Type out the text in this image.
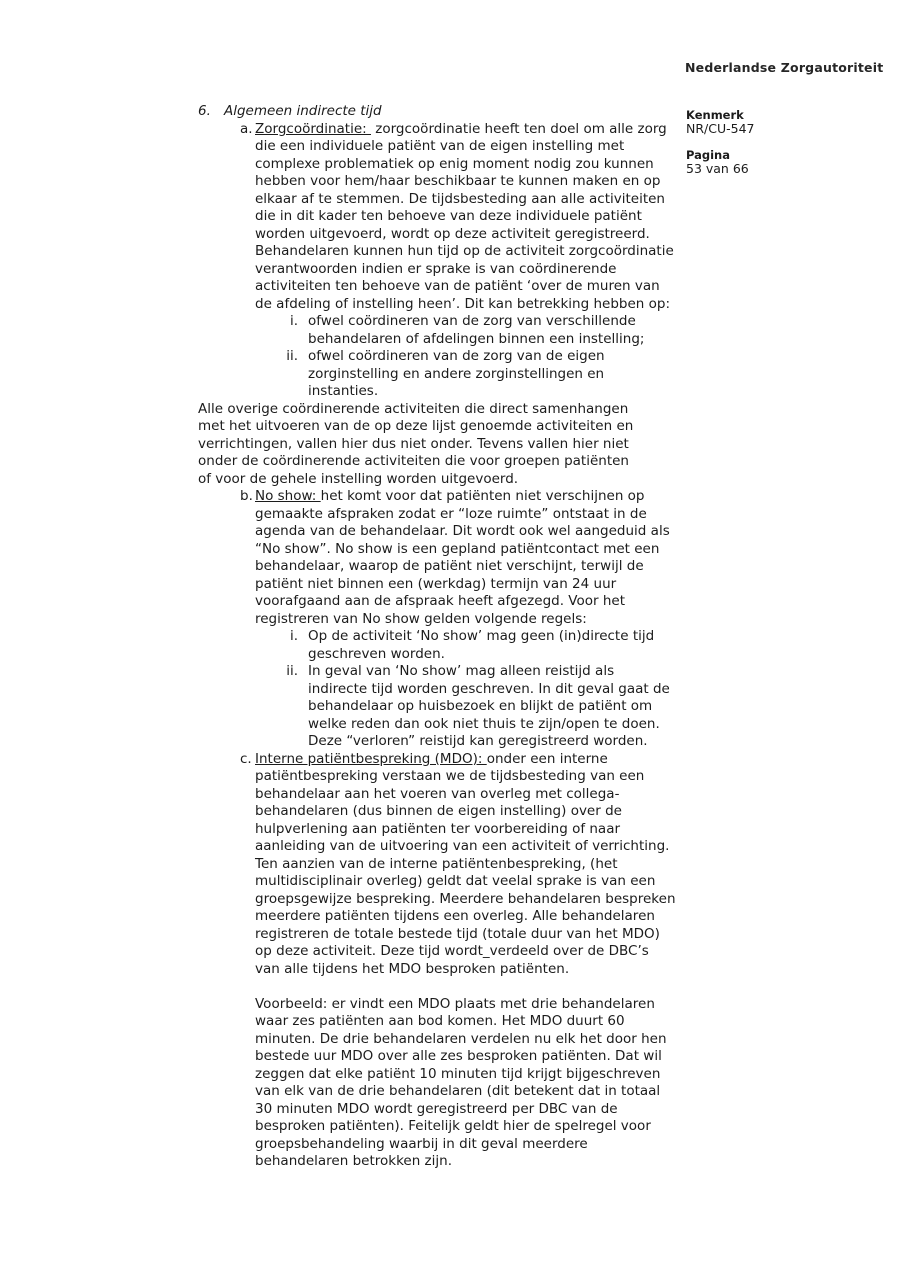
Nederlandse Zorgautoriteit
Kenmerk
NR/CU-547
Pagina
53 van 66
6. Algemeen indirecte tijd
a. Zorgcoördinatie:  zorgcoördinatie heeft ten doel om alle zorg
die een individuele patiënt van de eigen instelling met
complexe problematiek op enig moment nodig zou kunnen
hebben voor hem/haar beschikbaar te kunnen maken en op
elkaar af te stemmen. De tijdsbesteding aan alle activiteiten
die in dit kader ten behoeve van deze individuele patiënt
worden uitgevoerd, wordt op deze activiteit geregistreerd.
Behandelaren kunnen hun tijd op de activiteit zorgcoördinatie
verantwoorden indien er sprake is van coördinerende
activiteiten ten behoeve van de patiënt ‘over de muren van
de afdeling of instelling heen’. Dit kan betrekking hebben op:
i. ofwel coördineren van de zorg van verschillende
behandelaren of afdelingen binnen een instelling;
ii. ofwel coördineren van de zorg van de eigen
zorginstelling en andere zorginstellingen en
instanties.
Alle overige coördinerende activiteiten die direct samenhangen
met het uitvoeren van de op deze lijst genoemde activiteiten en
verrichtingen, vallen hier dus niet onder. Tevens vallen hier niet
onder de coördinerende activiteiten die voor groepen patiënten
of voor de gehele instelling worden uitgevoerd.
b. No show: het komt voor dat patiënten niet verschijnen op
gemaakte afspraken zodat er “loze ruimte” ontstaat in de
agenda van de behandelaar. Dit wordt ook wel aangeduid als
“No show”. No show is een gepland patiëntcontact met een
behandelaar, waarop de patiënt niet verschijnt, terwijl de
patiënt niet binnen een (werkdag) termijn van 24 uur
voorafgaand aan de afspraak heeft afgezegd. Voor het
registreren van No show gelden volgende regels:
i. Op de activiteit ‘No show’ mag geen (in)directe tijd
geschreven worden.
ii. In geval van ‘No show’ mag alleen reistijd als
indirecte tijd worden geschreven. In dit geval gaat de
behandelaar op huisbezoek en blijkt de patiënt om
welke reden dan ook niet thuis te zijn/open te doen.
Deze “verloren” reistijd kan geregistreerd worden.
c. Interne patiëntbespreking (MDO): onder een interne
patiëntbespreking verstaan we de tijdsbesteding van een
behandelaar aan het voeren van overleg met collega-
behandelaren (dus binnen de eigen instelling) over de
hulpverlening aan patiënten ter voorbereiding of naar
aanleiding van de uitvoering van een activiteit of verrichting.
Ten aanzien van de interne patiëntenbespreking, (het
multidisciplinair overleg) geldt dat veelal sprake is van een
groepsgewijze bespreking. Meerdere behandelaren bespreken
meerdere patiënten tijdens een overleg. Alle behandelaren
registreren de totale bestede tijd (totale duur van het MDO)
op deze activiteit. Deze tijd wordt_verdeeld over de DBC’s
van alle tijdens het MDO besproken patiënten.
Voorbeeld: er vindt een MDO plaats met drie behandelaren
waar zes patiënten aan bod komen. Het MDO duurt 60
minuten. De drie behandelaren verdelen nu elk het door hen
bestede uur MDO over alle zes besproken patiënten. Dat wil
zeggen dat elke patiënt 10 minuten tijd krijgt bijgeschreven
van elk van de drie behandelaren (dit betekent dat in totaal
30 minuten MDO wordt geregistreerd per DBC van de
besproken patiënten). Feitelijk geldt hier de spelregel voor
groepsbehandeling waarbij in dit geval meerdere
behandelaren betrokken zijn.
